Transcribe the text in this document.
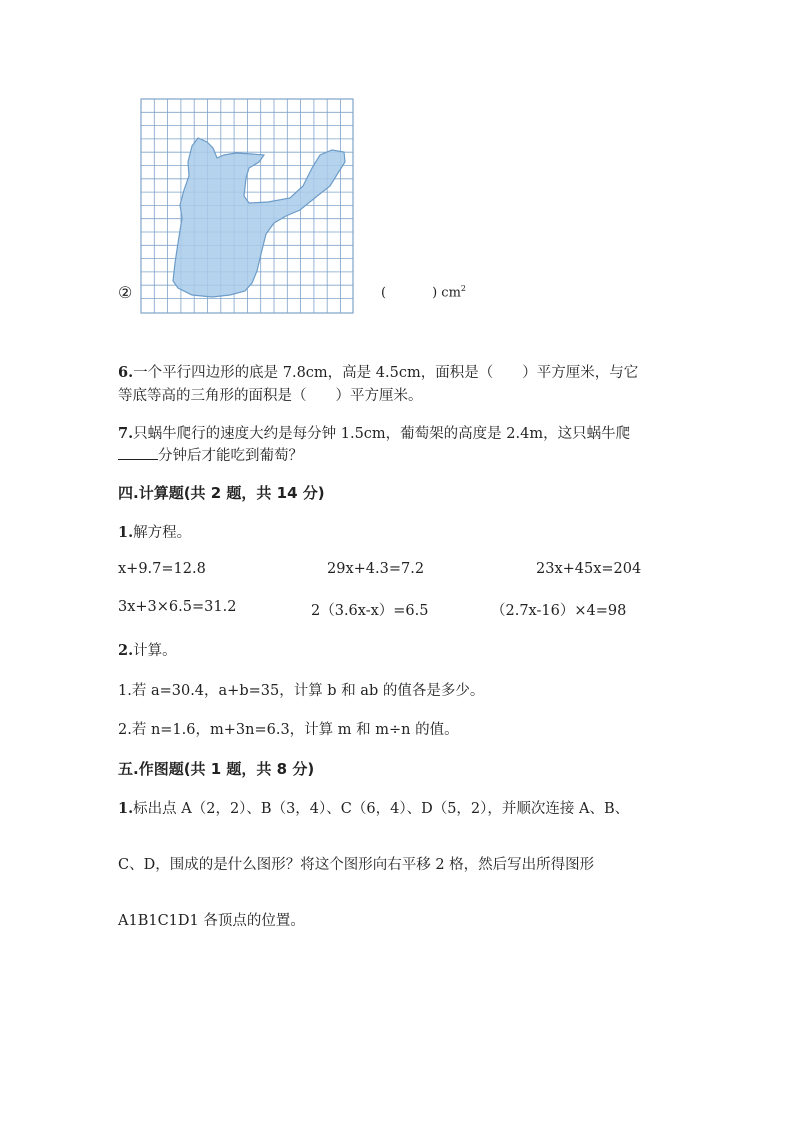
②	(	) $cm^2$
6.一个平行四边形的底是 7.8cm，高是 4.5cm，面积是（　　）平方厘米，与它
等底等高的三角形的面积是（　　）平方厘米。
7.只蜗牛爬行的速度大约是每分钟 1.5cm，葡萄架的高度是 2.4m，这只蜗牛爬
分钟后才能吃到葡萄？
四.计算题(共 2 题，共 14 分)
1.解方程。
x+9.7=12.8	29x+4.3=7.2	23x+45x=204
3x+3×6.5=31.2	2（3.6x-x）=6.5	（2.7x-16）×4=98
2.计算。
1.若 a=30.4，a+b=35，计算 b 和 ab 的值各是多少。
2.若 n=1.6，m+3n=6.3，计算 m 和 m÷n 的值。
五.作图题(共 1 题，共 8 分)
1.标出点 A（2，2）、B（3，4）、C（6，4）、D（5，2），并顺次连接 A、B、
C、D，围成的是什么图形？将这个图形向右平移 2 格，然后写出所得图形
A1B1C1D1 各顶点的位置。
